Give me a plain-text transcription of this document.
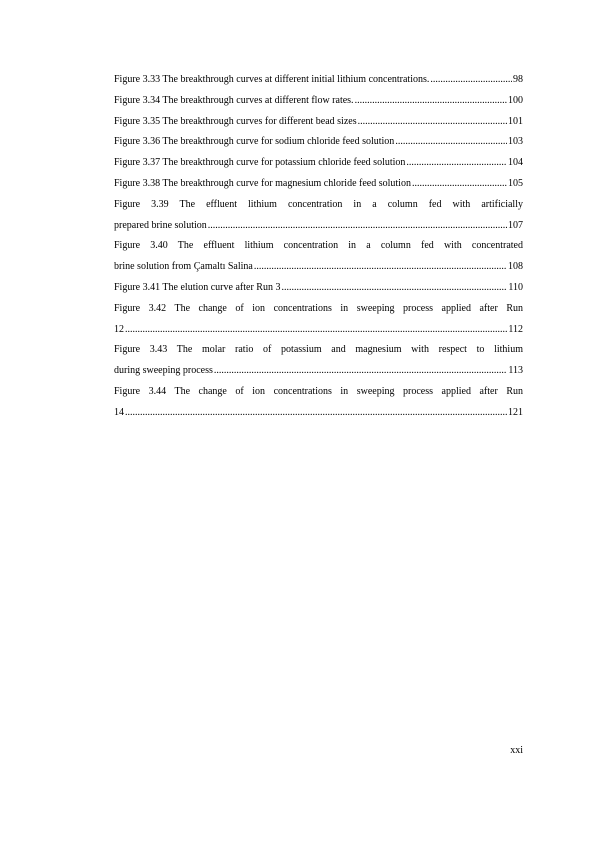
Figure 3.33 The breakthrough curves at different initial lithium concentrations. .....	98
Figure 3.34 The breakthrough curves at different flow rates. .....	100
Figure 3.35 The breakthrough curves for different bead sizes .....	101
Figure 3.36 The breakthrough curve for sodium chloride feed solution .....	103
Figure 3.37 The breakthrough curve for potassium chloride feed solution .....	104
Figure 3.38 The breakthrough curve for magnesium chloride feed solution .....	105
Figure 3.39 The effluent lithium concentration in a column fed with artificially
prepared brine solution .....	107
Figure 3.40 The effluent lithium concentration in a column fed with concentrated
brine solution from Çamaltı Salina .....	108
Figure 3.41 The elution curve after Run 3 .....	110
Figure 3.42 The change of ion concentrations in sweeping process applied after Run
12 .....	112
Figure 3.43 The molar ratio of potassium and magnesium with respect to lithium
during sweeping process .....	113
Figure 3.44 The change of ion concentrations in sweeping process applied after Run
14 .....	121
xxi
